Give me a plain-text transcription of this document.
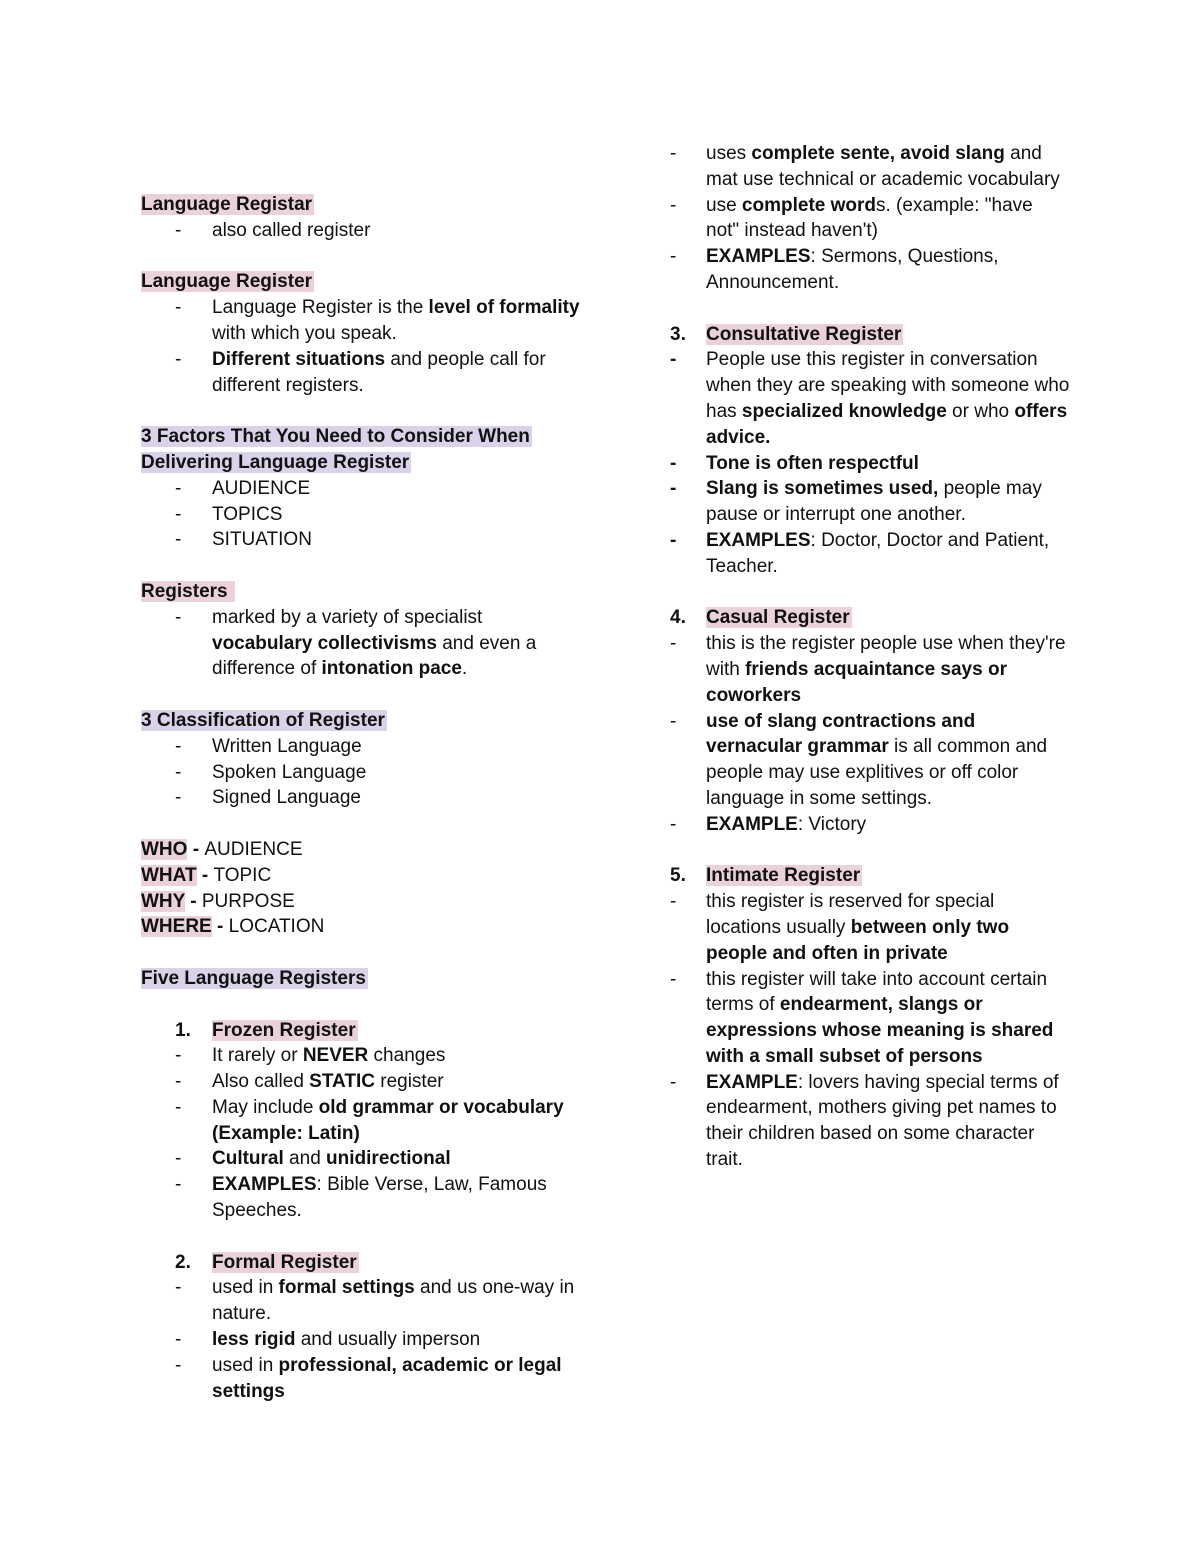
Language Registar
- also called register
Language Register
- Language Register is the level of formality with which you speak.
- Different situations and people call for different registers.
3 Factors That You Need to Consider When
Delivering Language Register
- AUDIENCE
- TOPICS
- SITUATION
Registers
- marked by a variety of specialist vocabulary collectivisms and even a difference of intonation pace.
3 Classification of Register
- Written Language
- Spoken Language
- Signed Language
WHO - AUDIENCE
WHAT - TOPIC
WHY - PURPOSE
WHERE - LOCATION
Five Language Registers
1. Frozen Register
- It rarely or NEVER changes
- Also called STATIC register
- May include old grammar or vocabulary (Example: Latin)
- Cultural and unidirectional
- EXAMPLES: Bible Verse, Law, Famous Speeches.
2. Formal Register
- used in formal settings and us one-way in nature.
- less rigid and usually imperson
- used in professional, academic or legal settings
- uses complete sente, avoid slang and mat use technical or academic vocabulary
- use complete words. (example: "have not" instead haven't)
- EXAMPLES: Sermons, Questions, Announcement.
3. Consultative Register
- People use this register in conversation when they are speaking with someone who has specialized knowledge or who offers advice.
- Tone is often respectful
- Slang is sometimes used, people may pause or interrupt one another.
- EXAMPLES: Doctor, Doctor and Patient, Teacher.
4. Casual Register
- this is the register people use when they're with friends acquaintance says or coworkers
- use of slang contractions and vernacular grammar is all common and people may use explitives or off color language in some settings.
- EXAMPLE: Victory
5. Intimate Register
- this register is reserved for special locations usually between only two people and often in private
- this register will take into account certain terms of endearment, slangs or expressions whose meaning is shared with a small subset of persons
- EXAMPLE: lovers having special terms of endearment, mothers giving pet names to their children based on some character trait.
